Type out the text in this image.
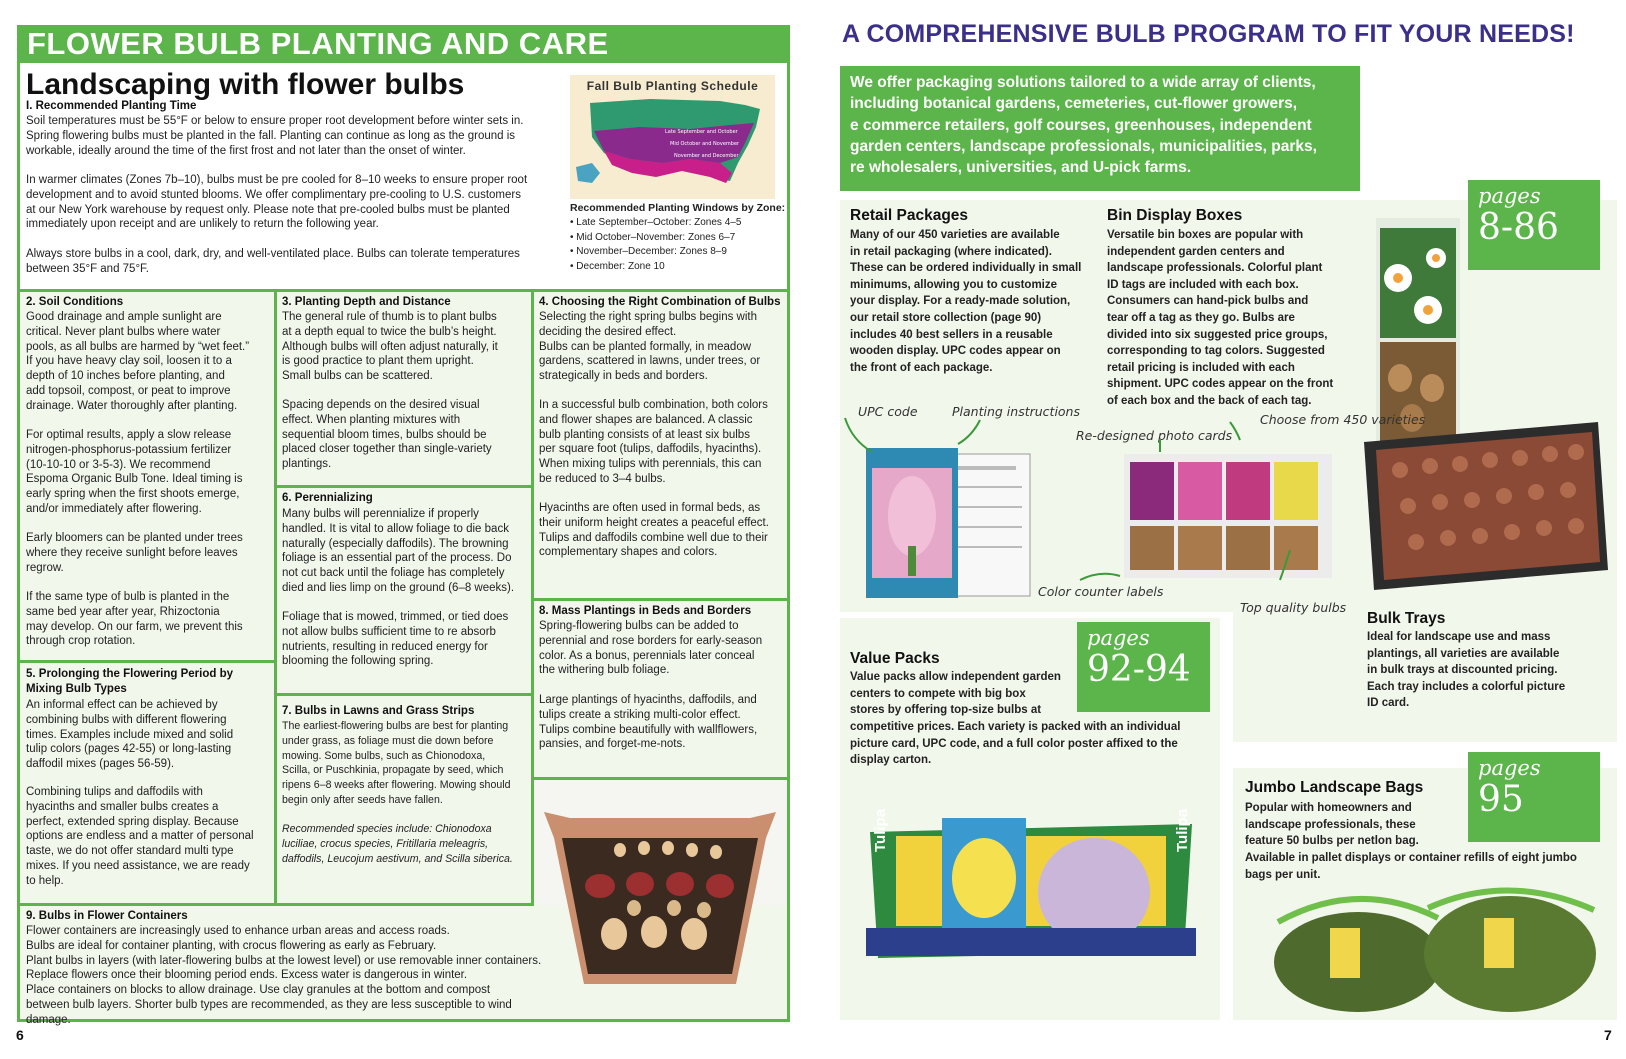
FLOWER BULB PLANTING AND CARE
Landscaping with flower bulbs
I. Recommended Planting Time

Soil temperatures must be 55°F or below to ensure proper root development before winter sets in.
Spring flowering bulbs must be planted in the fall. Planting can continue as long as the ground is
workable, ideally around the time of the first frost and not later than the onset of winter.

In warmer climates (Zones 7b–10), bulbs must be pre cooled for 8–10 weeks to ensure proper root
development and to avoid stunted blooms. We offer complimentary pre-cooling to U.S. customers
at our New York warehouse by request only. Please note that pre-cooled bulbs must be planted
immediately upon receipt and are unlikely to return the following year.

Always store bulbs in a cool, dark, dry, and well-ventilated place. Bulbs can tolerate temperatures
between 35°F and 75°F.

Late September and October
Mid October and November
November and December
Fall Bulb Planting Schedule
Recommended Planting Windows by Zone:
• Late September–October: Zones 4–5
• Mid October–November: Zones 6–7
• November–December: Zones 8–9
• December: Zone 10
2. Soil Conditions

Good drainage and ample sunlight are
critical. Never plant bulbs where water
pools, as all bulbs are harmed by “wet feet.”
If you have heavy clay soil, loosen it to a
depth of 10 inches before planting, and
add topsoil, compost, or peat to improve
drainage. Water thoroughly after planting.

For optimal results, apply a slow release
nitrogen-phosphorus-potassium fertilizer
(10-10-10 or 3-5-3). We recommend
Espoma Organic Bulb Tone. Ideal timing is
early spring when the first shoots emerge,
and/or immediately after flowering.

Early bloomers can be planted under trees
where they receive sunlight before leaves
regrow.

If the same type of bulb is planted in the
same bed year after year, Rhizoctonia
may develop. On our farm, we prevent this
through crop rotation.

5. Prolonging the Flowering Period by
Mixing Bulb Types

An informal effect can be achieved by
combining bulbs with different flowering
times. Examples include mixed and solid
tulip colors (pages 42-55) or long-lasting
daffodil mixes (pages 56-59).

Combining tulips and daffodils with
hyacinths and smaller bulbs creates a
perfect, extended spring display. Because
options are endless and a matter of personal
taste, we do not offer standard multi type
mixes. If you need assistance, we are ready
to help.

3. Planting Depth and Distance

The general rule of thumb is to plant bulbs
at a depth equal to twice the bulb’s height.
Although bulbs will often adjust naturally, it
is good practice to plant them upright.
Small bulbs can be scattered.

Spacing depends on the desired visual
effect. When planting mixtures with
sequential bloom times, bulbs should be
placed closer together than single-variety
plantings.

6. Perennializing

Many bulbs will perennialize if properly
handled. It is vital to allow foliage to die back
naturally (especially daffodils). The browning
foliage is an essential part of the process. Do
not cut back until the foliage has completely
died and lies limp on the ground (6–8 weeks).

Foliage that is mowed, trimmed, or tied does
not allow bulbs sufficient time to re absorb
nutrients, resulting in reduced energy for
blooming the following spring.

7. Bulbs in Lawns and Grass Strips

The earliest-flowering bulbs are best for planting
under grass, as foliage must die down before
mowing. Some bulbs, such as Chionodoxa,
Scilla, or Puschkinia, propagate by seed, which
ripens 6–8 weeks after flowering. Mowing should
begin only after seeds have fallen.

Recommended species include: Chionodoxa
luciliae, crocus species, Fritillaria meleagris,
daffodils, Leucojum aestivum, and Scilla siberica.

4. Choosing the Right Combination of Bulbs

Selecting the right spring bulbs begins with
deciding the desired effect.
Bulbs can be planted formally, in meadow
gardens, scattered in lawns, under trees, or
strategically in beds and borders.

In a successful bulb combination, both colors
and flower shapes are balanced. A classic
bulb planting consists of at least six bulbs
per square foot (tulips, daffodils, hyacinths).
When mixing tulips with perennials, this can
be reduced to 3–4 bulbs.

Hyacinths are often used in formal beds, as
their uniform height creates a peaceful effect.
Tulips and daffodils combine well due to their
complementary shapes and colors.

8. Mass Plantings in Beds and Borders

Spring-flowering bulbs can be added to
perennial and rose borders for early-season
color. As a bonus, perennials later conceal
the withering bulb foliage.

Large plantings of hyacinths, daffodils, and
tulips create a striking multi-color effect.
Tulips combine beautifully with wallflowers,
pansies, and forget-me-nots.

9. Bulbs in Flower Containers

Flower containers are increasingly used to enhance urban areas and access roads.
Bulbs are ideal for container planting, with crocus flowering as early as February.
Plant bulbs in layers (with later-flowering bulbs at the lowest level) or use removable inner containers.
Replace flowers once their blooming period ends. Excess water is dangerous in winter.
Place containers on blocks to allow drainage. Use clay granules at the bottom and compost
between bulb layers. Shorter bulb types are recommended, as they are less susceptible to wind damage.

6
A COMPREHENSIVE BULB PROGRAM TO FIT YOUR NEEDS!

We offer packaging solutions tailored to a wide array of clients,
including botanical gardens, cemeteries, cut-flower growers,
e commerce retailers, golf courses, greenhouses, independent
garden centers, landscape professionals, municipalities, parks,
re wholesalers, universities, and U-pick farms.

Retail Packages

Many of our 450 varieties are available
in retail packaging (where indicated).
These can be ordered individually in small
minimums, allowing you to customize
your display. For a ready-made solution,
our retail store collection (page 90)
includes 40 best sellers in a reusable
wooden display. UPC codes appear on
the front of each package.

Bin Display Boxes

Versatile bin boxes are popular with
independent garden centers and
landscape professionals. Colorful plant
ID tags are included with each box.
Consumers can hand-pick bulbs and
tear off a tag as they go. Bulbs are
divided into six suggested price groups,
corresponding to tag colors. Suggested
retail pricing is included with each
shipment. UPC codes appear on the front
of each box and the back of each tag.

pages
8-86
UPC code	Planting instructions
Re-designed photo cards
Choose from 450 varieties
Color counter labels
Top quality bulbs
pages
92-94
Value Packs

Value packs allow independent garden
centers to compete with big box
stores by offering top-size bulbs at

competitive prices. Each variety is packed with an individual
picture card, UPC code, and a full color poster affixed to the
display carton.

Tulipa	Tulipa
Bulk Trays

Ideal for landscape use and mass
plantings, all varieties are available
in bulk trays at discounted pricing.
Each tray includes a colorful picture
ID card.

pages
95
Jumbo Landscape Bags

Popular with homeowners and
landscape professionals, these
feature 50 bulbs per netlon bag.

Available in pallet displays or container refills of eight jumbo
bags per unit.

7
